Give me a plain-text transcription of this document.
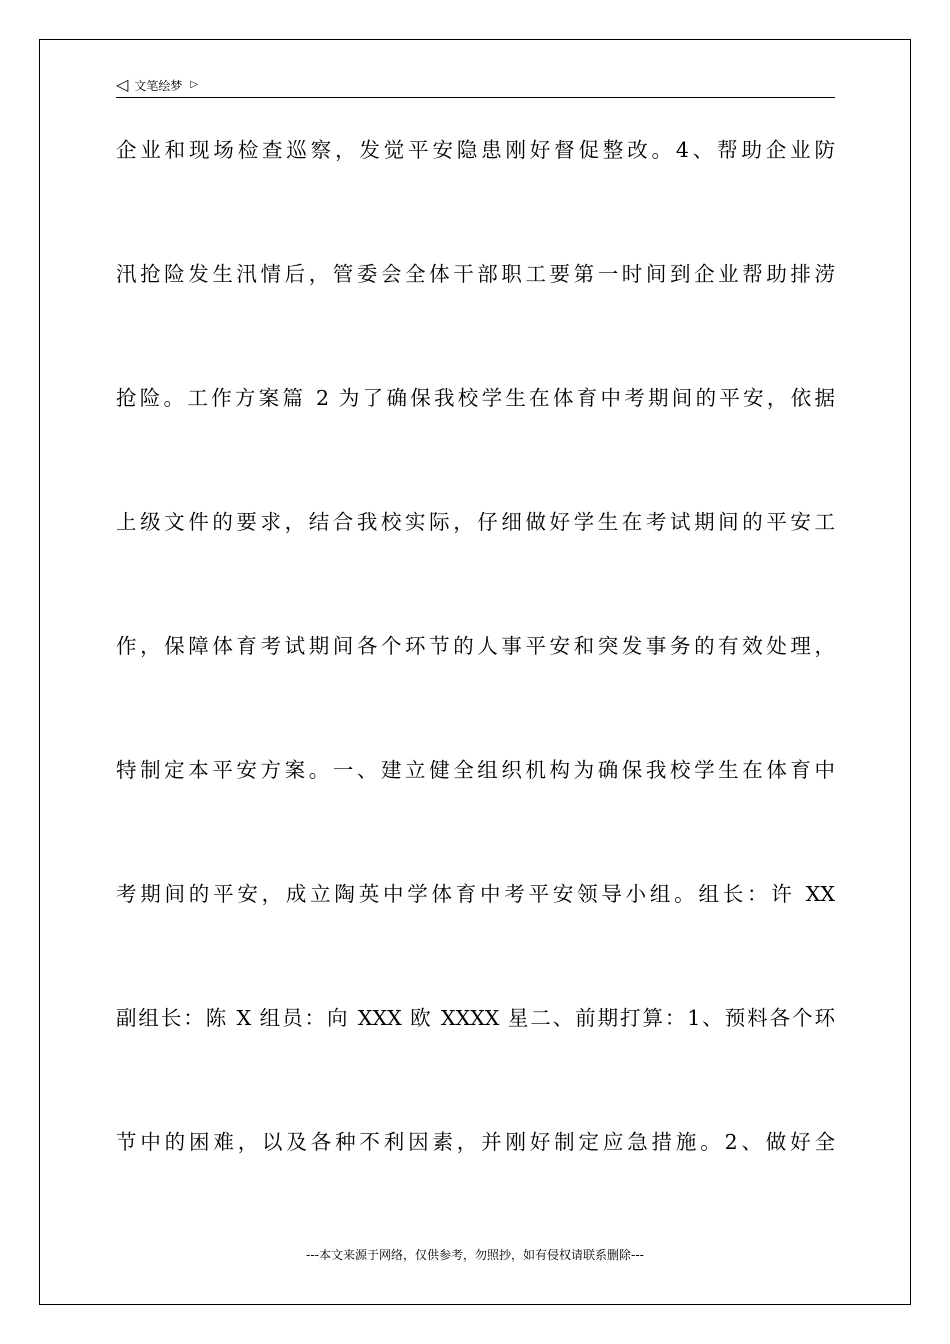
◁ 文笔绘梦 ▷
企业和现场检查巡察，发觉平安隐患刚好督促整改。4、帮助企业防
汛抢险发生汛情后，管委会全体干部职工要第一时间到企业帮助排涝
抢险。工作方案篇 2 为了确保我校学生在体育中考期间的平安，依据
上级文件的要求，结合我校实际，仔细做好学生在考试期间的平安工
作，保障体育考试期间各个环节的人事平安和突发事务的有效处理，
特制定本平安方案。一、建立健全组织机构为确保我校学生在体育中
考期间的平安，成立陶英中学体育中考平安领导小组。组长：许 XX
副组长：陈 X 组员：向 XXX 欧 XXXX 星二、前期打算：1、预料各个环
节中的困难，以及各种不利因素，并刚好制定应急措施。2、做好全
---本文来源于网络，仅供参考，勿照抄，如有侵权请联系删除---
